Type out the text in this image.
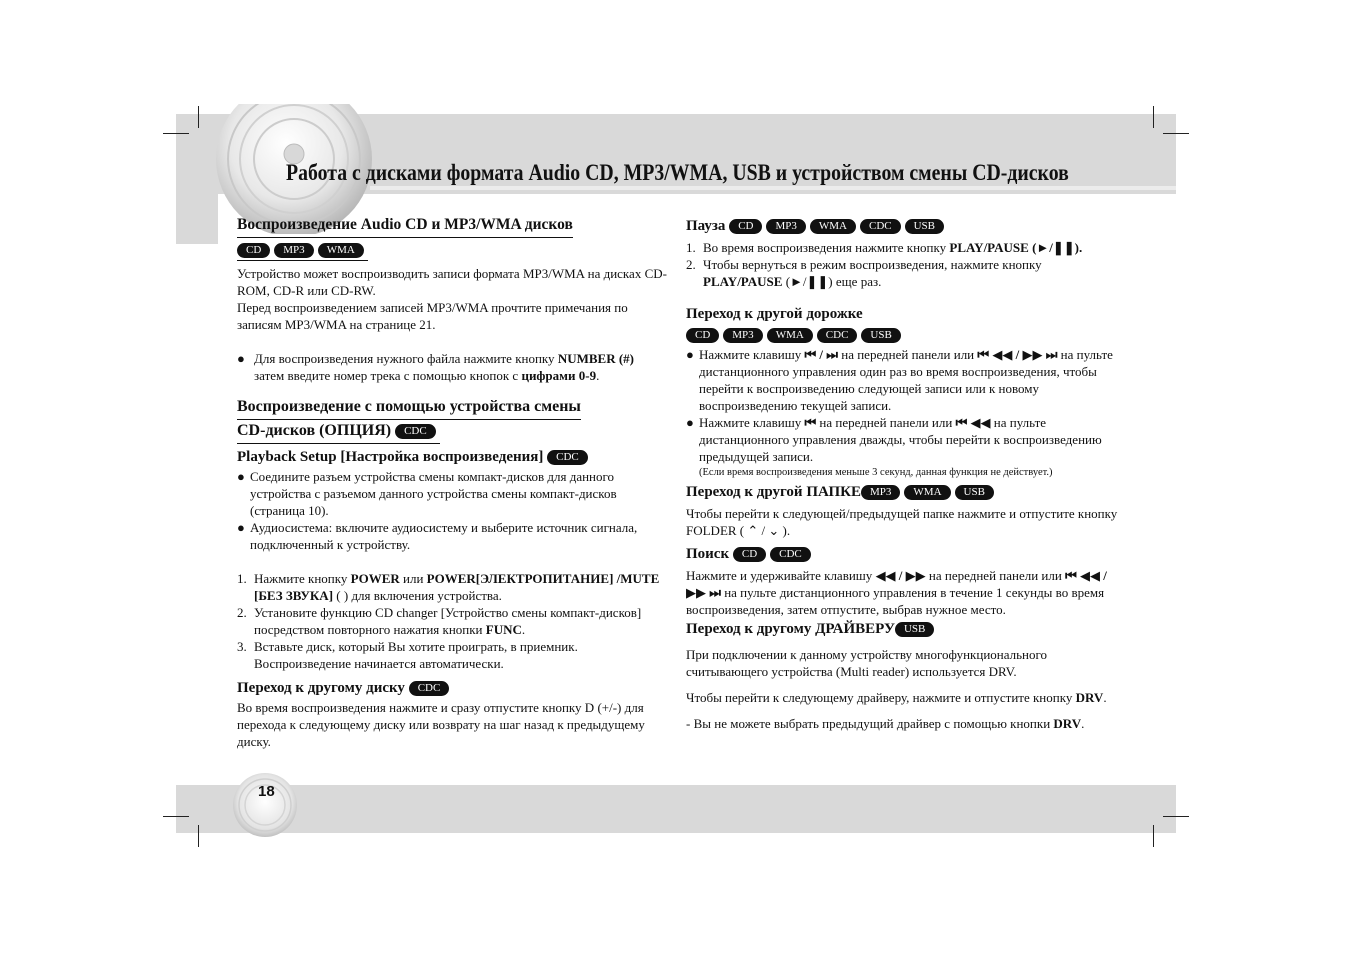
Работа с дисками формата Audio CD, MP3/WMA, USB и устройством смены CD-дисков
Воспроизведение Audio CD и MP3/WMA дисков CD MP3 WMA

Устройство может воспроизводить записи формата MP3/WMA на дисках CD-ROM, CD-R или CD-RW.

Перед воспроизведением записей MP3/WMA прочтите примечания по записям MP3/WMA на странице 21.

● Для воспроизведения нужного файла нажмите кнопку NUMBER (#) затем введите номер трека с помощью кнопок с цифрами 0-9.
Воспроизведение с помощью устройства смены
CD-дисков (ОПЦИЯ) CDC
Playback Setup [Настройка воспроизведения] CDC
● Соедините разъем устройства смены компакт-дисков для данного устройства с разъемом данного устройства смены компакт-дисков (страница 10).
● Аудиосистема: включите аудиосистему и выберите источник сигнала, подключенный к устройству.
1. Нажмите кнопку POWER или POWER[ЭЛЕКТРОПИТАНИЕ] /MUTE [БЕЗ ЗВУКА] ( ) для включения устройства.
2. Установите функцию CD changer [Устройство смены компакт-дисков] посредством повторного нажатия кнопки FUNC.
3. Вставьте диск, который Вы хотите проиграть, в приемник. Воспроизведение начинается автоматически.
Переход к другому диску CDC

Во время воспроизведения нажмите и сразу отпустите кнопку D (+/-) для перехода к следующему диску или возврату на шаг назад к предыдущему диску.

Пауза CD MP3 WMA CDC USB
1. Во время воспроизведения нажмите кнопку PLAY/PAUSE (►/❚❚).
2. Чтобы вернуться в режим воспроизведения, нажмите кнопку PLAY/PAUSE (►/❚❚) еще раз.
Переход к другой дорожке
CD MP3 WMA CDC USB
● Нажмите клавишу ⏮ / ⏭ на передней панели или ⏮ ◀◀ / ▶▶ ⏭ на пульте дистанционного управления один раз во время воспроизведения, чтобы перейти к воспроизведению следующей записи или к новому воспроизведению текущей записи.
● Нажмите клавишу ⏮ на передней панели или ⏮ ◀◀ на пульте дистанционного управления дважды, чтобы перейти к воспроизведению предыдущей записи.

(Если время воспроизведения меньше 3 секунд, данная функция не действует.)

Переход к другой ПАПКЕ MP3 WMA USB

Чтобы перейти к следующей/предыдущей папке нажмите и отпустите кнопку FOLDER ( ⌃ / ⌄ ).

Поиск CD CDC

Нажмите и удерживайте клавишу ◀◀ / ▶▶ на передней панели или ⏮ ◀◀ / ▶▶ ⏭ на пульте дистанционного управления в течение 1 секунды во время воспроизведения, затем отпустите, выбрав нужное место.

Переход к другому ДРАЙВЕРУ USB

При подключении к данному устройству многофункционального считывающего устройства (Multi reader) используется DRV.

Чтобы перейти к следующему драйверу, нажмите и отпустите кнопку DRV.

- Вы не можете выбрать предыдущий драйвер с помощью кнопки DRV.

18
